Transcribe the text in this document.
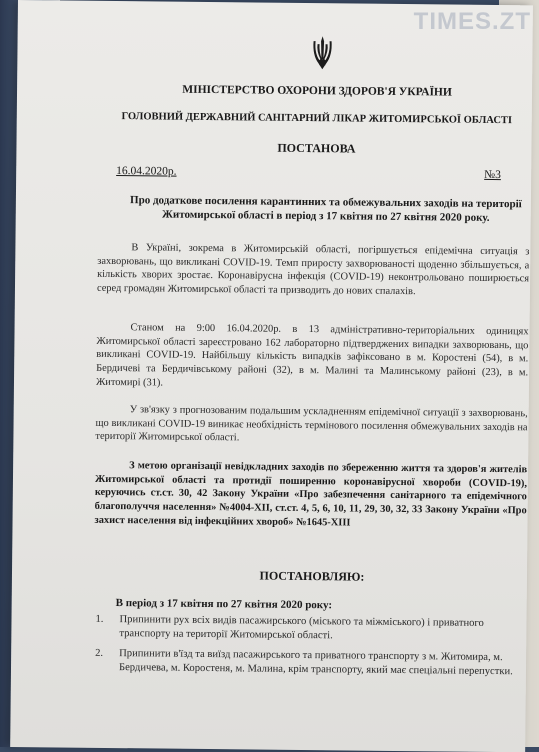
МІНІСТЕРСТВО ОХОРОНИ ЗДОРОВ'Я УКРАЇНИ
ГОЛОВНИЙ ДЕРЖАВНИЙ САНІТАРНИЙ ЛІКАР ЖИТОМИРСЬКОЇ ОБЛАСТІ
ПОСТАНОВА
16.04.2020р.	№3
Про додаткове посилення карантинних та обмежувальних заходів на території Житомирської області в період з 17 квітня по 27 квітня 2020 року.
В Україні, зокрема в Житомирській області, погіршується епідемічна ситуація з захворювань, що викликані COVID-19. Темп приросту захворюваності щоденно збільшується, а кількість хворих зростає. Коронавірусна інфекція (COVID-19) неконтрольовано поширюється серед громадян Житомирської області та призводить до нових спалахів.
Станом на 9:00 16.04.2020р. в 13 адміністративно-територіальних одиницях Житомирської області зареєстровано 162 лабораторно підтверджених випадки захворювань, що викликані COVID-19. Найбільшу кількість випадків зафіксовано в м. Коростені (54), в м. Бердичеві та Бердичівському районі (32), в м. Малині та Малинському районі (23), в м. Житомирі (31).
У зв'язку з прогнозованим подальшим ускладненням епідемічної ситуації з захворювань, що викликані COVID-19 виникає необхідність термінового посилення обмежувальних заходів на території Житомирської області.
З метою організації невідкладних заходів по збереженню життя та здоров'я жителів Житомирської області та протидії поширенню коронавірусної хвороби (COVID-19), керуючись ст.ст. 30, 42 Закону України «Про забезпечення санітарного та епідемічного благополуччя населення» №4004-XII, ст.ст. 4, 5, 6, 10, 11, 29, 30, 32, 33 Закону України «Про захист населення від інфекційних хвороб» №1645-XIII
ПОСТАНОВЛЯЮ:
В період з 17 квітня по 27 квітня 2020 року:
1.	Припинити рух всіх видів пасажирського (міського та міжміського) і приватного транспорту на території Житомирської області.
2.	Припинити в'їзд та виїзд пасажирського та приватного транспорту з м. Житомира, м. Бердичева, м. Коростеня, м. Малина, крім транспорту, який має спеціальні перепустки.
TIMES.ZT
